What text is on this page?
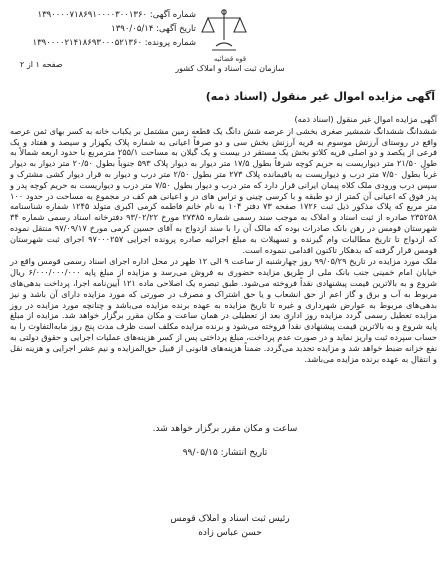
قوه قضائیه
سازمان ثبت اسناد و املاک کشور
شماره آگهی: ۱۳۹۰۰۰۰۷۱۸۶۹۱۰۰۰۰۳۰۰۱۳۶۰
تاریخ آگهی: ۱۳۹۰/۰۵/۱۴
شماره پرونده: ۱۳۹۰۰۰۰۲۱۴۱۸۶۹۳۰۰۰۵۲۱۳۶۰
صفحه ۱ از ۲
آگهی مزایده اموال غیر منقول (اسناد ذمه)

آگهی مزایده اموال غیر منقول (اسناد ذمه)

ششدانگ ششدانگ شمشیر صغری بخشی از عرصه شش دانگ یک قطعه زمین مشتمل بر یکباب خانه به کسر بهای ثمن عرصه واقع در روستای آرزنش موسوم به قریه آرزنش بخش سی و دو صرفاً اعیانی به شماره پلاک یکهزار و سیصد و هفتاد و یک فرعی از یکصد و دو اصلی قریه کلاتو بخش یک مستقر در بیست و یک گیلان به مساحت ۲۵۵/۱ مترمربع با حدود اربعه شمالاً به طول ۲۱/۵۰ متر دیواریست به حریم کوچه شرقاً بطول ۱۷/۵ متر دیوار به دیوار پلاک ۵۹۳ جنوباً بطول ۲۰/۵۰ متر دیوار به دیوار غرباً بطول ۷/۵۰ متر درب و دیواریست به باقیمانده پلاک ۲۷۳ متر بطول ۲/۵۰ متر درب و دیوار به قرار دیوار کشی مشترک و سپس درب ورودی ملک کلاه پیمان ایرانی قرار دارد که متر درب و دیوار بطول ۷/۵۰ متر درب و دیواریست به حریم کوچه پدر و پدر فوق که اعیانی آن کمتر از دو طبقه و با کرسی چینی و تراس های در و اعیانی هم کف در مجموع به مساحت در حدود ۱۰۰ متر مربع که پلاک مذکور ذیل ثبت ۱۷۲۶ صفحه ۷۳ دفتر ۱۰۴ به نام خانم فاطمه کرمی اکبری متولد ۱۲۴۵ شماره شناسنامه ۲۳۵۲۵۸ صادره از ثبت اسناد و املاک به موجب سند رسمی شماره ۲۷۳۸۵ مورخ ۹۳/۰۲/۲۲ دفترخانه اسناد رسمی شماره ۳۴ شهرستان قومس در رهن بانک صادرات بوده که مالک آن را با سند ازدواج به آقای حسین کرمی مورخ ۹۷/۰۹/۱۷ منتقل نموده که ازدواج تا تاریخ مطالبات وام گیرنده و تسهیلات به مبلغ اجرائیه صادره پرونده اجرایی ۹۷۰۰۰۲۵۷ اجرای ثبت شهرستان قومس قرار گرفته که بدهکار تاکنون اقدامی ننموده است.

ملک مورد مزایده در تاریخ ۹۹/۰۵/۲۹ روز چهارشنبه از ساعت ۹ الی ۱۲ ظهر در محل اداره اجرای اسناد رسمی قومس واقع در خیابان امام خمینی جنب بانک ملی از طریق مزایده حضوری به فروش می‌رسد و مزایده از مبلغ پایه ۶/۰۰۰/۰۰۰/۰۰۰ ریال شروع و به بالاترین قیمت پیشنهادی نقداً فروخته می‌شود. طبق تبصره یک اصلاحی ماده ۱۲۱ آیین‌نامه اجرا، پرداخت بدهی‌های مربوط به آب و برق و گاز اعم از حق انشعاب و یا حق اشتراک و مصرف در صورتی که مورد مزایده دارای آن باشد و نیز بدهی‌های مربوط به عوارض شهرداری و غیره تا تاریخ مزایده به عهده برنده مزایده می‌باشد و چنانچه مورد مزایده در روز مزایده تعطیل رسمی گردد مزایده روز اداری بعد از تعطیلی در همان ساعت و مکان مقرر برگزار خواهد شد. مزایده از مبلغ پایه شروع و به بالاترین قیمت پیشنهادی نقداً فروخته می‌شود و برنده مزایده مکلف است ظرف مدت پنج روز مابه‌التفاوت را به حساب سپرده ثبت واریز نماید و در صورت عدم پرداخت، مبلغ پرداختی پس از کسر هزینه‌های عملیات اجرایی و حقوق دولتی به نفع خزانه ضبط خواهد شد و مزایده تجدید می‌گردد. ضمناً هزینه‌های قانونی از قبیل حق‌المزایده و نیم عشر اجرایی و هزینه نقل و انتقال به عهده برنده مزایده می‌باشد.

ساعت و مکان مقرر برگزار خواهد شد.
تاریخ انتشار: ۹۹/۰۵/۱۵
رئیس ثبت اسناد و املاک قومس
حسن عباس زاده
